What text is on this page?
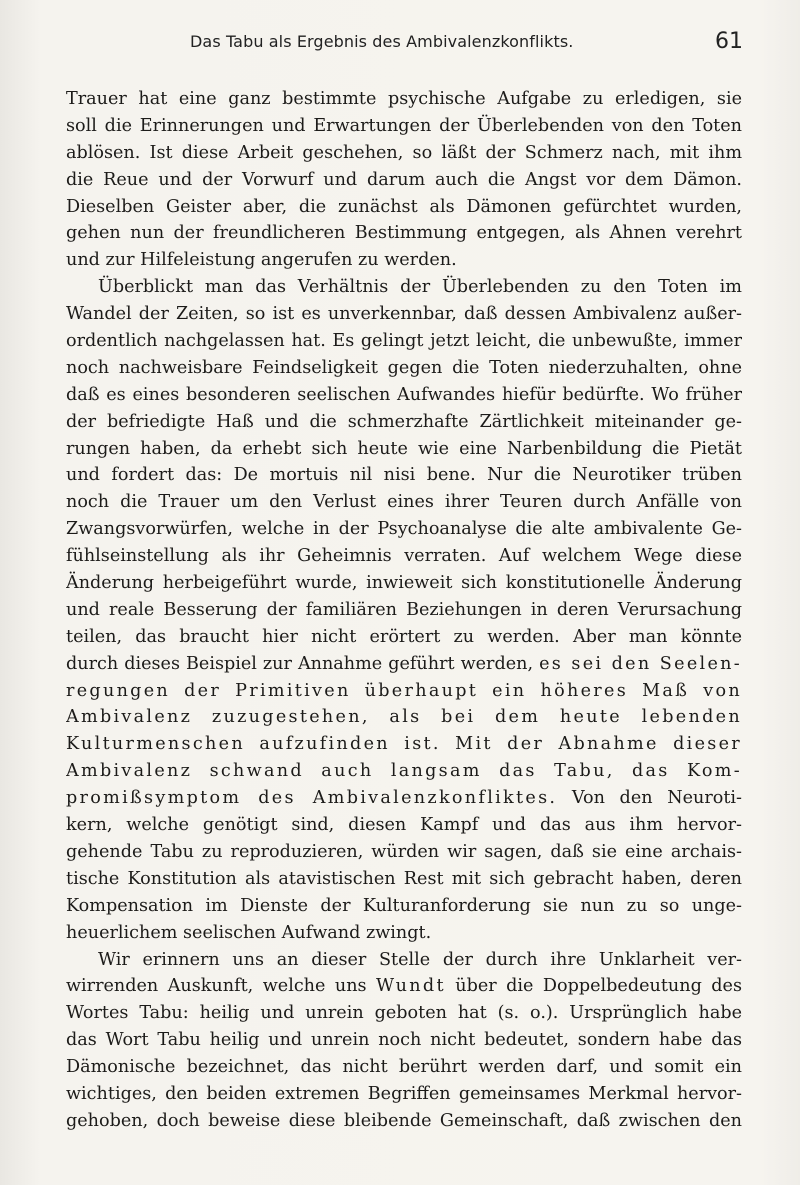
Das Tabu als Ergebnis des Ambivalenzkonflikts.	61
Trauer hat eine ganz bestimmte psychische Aufgabe zu erledigen, sie
soll die Erinnerungen und Erwartungen der Überlebenden von den Toten
ablösen. Ist diese Arbeit geschehen, so läßt der Schmerz nach, mit ihm
die Reue und der Vorwurf und darum auch die Angst vor dem Dämon.
Dieselben Geister aber, die zunächst als Dämonen gefürchtet wurden,
gehen nun der freundlicheren Bestimmung entgegen, als Ahnen verehrt
und zur Hilfeleistung angerufen zu werden.
Überblickt man das Verhältnis der Überlebenden zu den Toten im
Wandel der Zeiten, so ist es unverkennbar, daß dessen Ambivalenz außer-
ordentlich nachgelassen hat. Es gelingt jetzt leicht, die unbewußte, immer
noch nachweisbare Feindseligkeit gegen die Toten niederzuhalten, ohne
daß es eines besonderen seelischen Aufwandes hiefür bedürfte. Wo früher
der befriedigte Haß und die schmerzhafte Zärtlichkeit miteinander ge-
rungen haben, da erhebt sich heute wie eine Narbenbildung die Pietät
und fordert das: De mortuis nil nisi bene. Nur die Neurotiker trüben
noch die Trauer um den Verlust eines ihrer Teuren durch Anfälle von
Zwangsvorwürfen, welche in der Psychoanalyse die alte ambivalente Ge-
fühlseinstellung als ihr Geheimnis verraten. Auf welchem Wege diese
Änderung herbeigeführt wurde, inwieweit sich konstitutionelle Änderung
und reale Besserung der familiären Beziehungen in deren Verursachung
teilen, das braucht hier nicht erörtert zu werden. Aber man könnte
durch dieses Beispiel zur Annahme geführt werden, es sei den Seelen-
regungen der Primitiven überhaupt ein höheres Maß von
Ambivalenz zuzugestehen, als bei dem heute lebenden
Kulturmenschen aufzufinden ist. Mit der Abnahme dieser
Ambivalenz schwand auch langsam das Tabu, das Kom-
promißsymptom des Ambivalenzkonfliktes. Von den Neuroti-
kern, welche genötigt sind, diesen Kampf und das aus ihm hervor-
gehende Tabu zu reproduzieren, würden wir sagen, daß sie eine archais-
tische Konstitution als atavistischen Rest mit sich gebracht haben, deren
Kompensation im Dienste der Kulturanforderung sie nun zu so unge-
heuerlichem seelischen Aufwand zwingt.
Wir erinnern uns an dieser Stelle der durch ihre Unklarheit ver-
wirrenden Auskunft, welche uns Wundt über die Doppelbedeutung des
Wortes Tabu: heilig und unrein geboten hat (s. o.). Ursprünglich habe
das Wort Tabu heilig und unrein noch nicht bedeutet, sondern habe das
Dämonische bezeichnet, das nicht berührt werden darf, und somit ein
wichtiges, den beiden extremen Begriffen gemeinsames Merkmal hervor-
gehoben, doch beweise diese bleibende Gemeinschaft, daß zwischen den
